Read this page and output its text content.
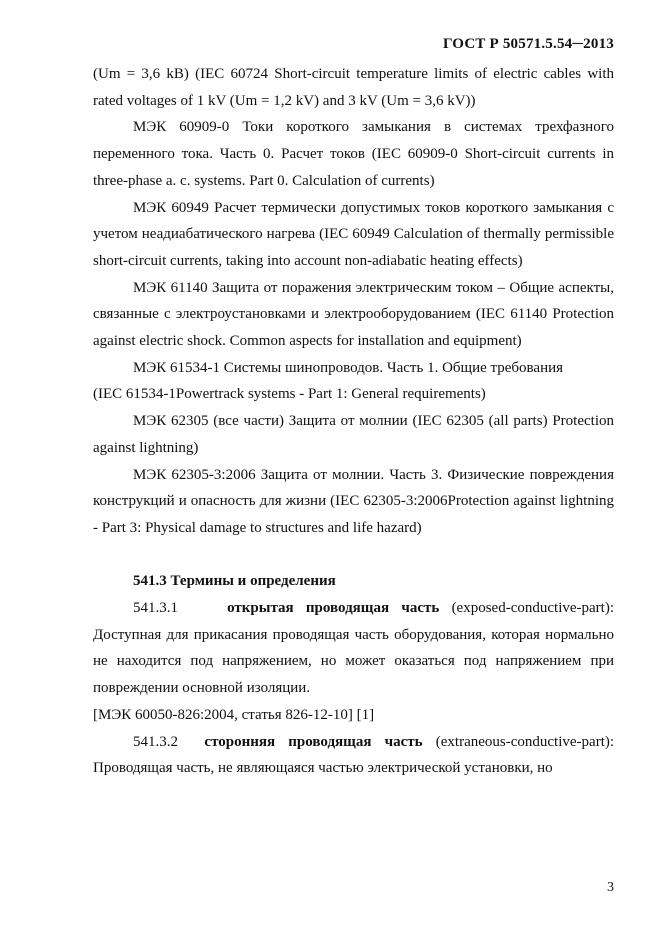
ГОСТ Р 50571.5.54─2013

(Um = 3,6 kB) (IEC 60724 Short-circuit temperature limits of electric cables with rated voltages of 1 kV (Um = 1,2 kV) and 3 kV (Um = 3,6 kV))

МЭК 60909-0 Токи короткого замыкания в системах трехфазного переменного тока. Часть 0. Расчет токов (IEC 60909-0 Short-circuit currents in three-phase a. c. systems. Part 0. Calculation of currents)

МЭК 60949 Расчет термически допустимых токов короткого замыкания с учетом неадиабатического нагрева (IEC 60949 Calculation of thermally permissible short-circuit currents, taking into account non-adiabatic heating effects)

МЭК 61140 Защита от поражения электрическим током – Общие аспекты, связанные с электроустановками и электрооборудованием (IEC 61140 Protection against electric shock. Common aspects for installation and equipment)

МЭК 61534-1 Системы шинопроводов. Часть 1. Общие требования

(IEC 61534-1Powertrack systems - Part 1: General requirements)

МЭК 62305 (все части) Защита от молнии (IEC 62305 (all parts) Protection against lightning)

МЭК 62305-3:2006 Защита от молнии. Часть 3. Физические повреждения конструкций и опасность для жизни (IEC 62305-3:2006Protection against lightning - Part 3: Physical damage to structures and life hazard)

541.3 Термины и определения

541.3.1	открытая проводящая часть (exposed-conductive-part): Доступная для прикасания проводящая часть оборудования, которая нормально не находится под напряжением, но может оказаться под напряжением при повреждении основной изоляции.

[МЭК 60050-826:2004, статья 826-12-10] [1]

541.3.2 сторонняя проводящая часть (extraneous-conductive-part): Проводящая часть, не являющаяся частью электрической установки, но

3
